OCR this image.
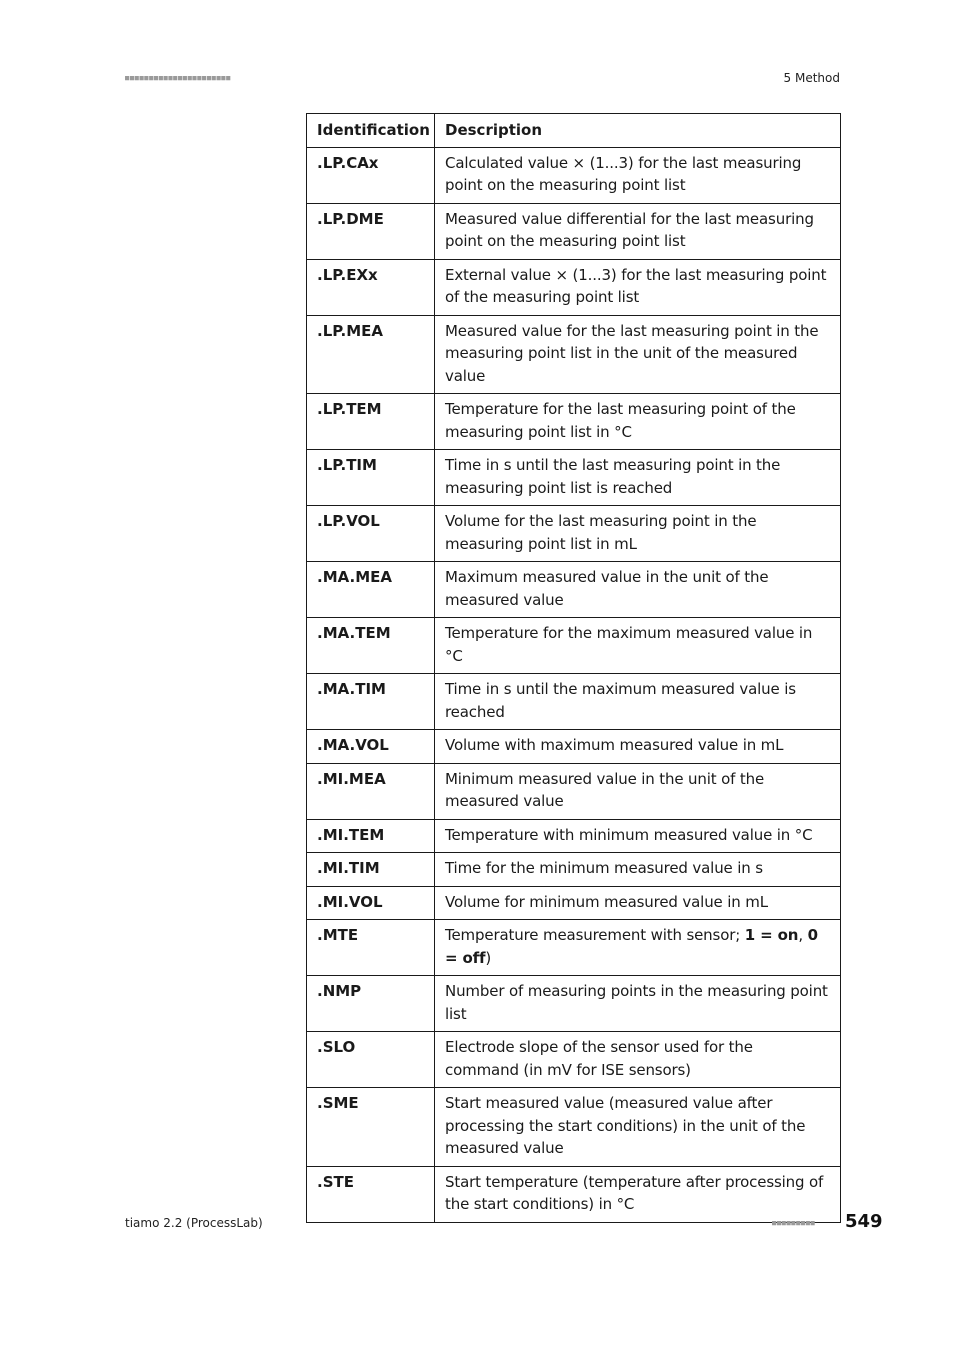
■■■■■■■■■■■■■■■■■■■■■■	5 Method
Identification	Description
.LP.CAx	Calculated value × (1...3) for the last measuring point on the measuring point list
.LP.DME	Measured value differential for the last measuring point on the measuring point list
.LP.EXx	External value × (1...3) for the last measuring point of the measuring point list
.LP.MEA	Measured value for the last measuring point in the measuring point list in the unit of the measured value
.LP.TEM	Temperature for the last measuring point of the measuring point list in °C
.LP.TIM	Time in s until the last measuring point in the measuring point list is reached
.LP.VOL	Volume for the last measuring point in the measuring point list in mL
.MA.MEA	Maximum measured value in the unit of the measured value
.MA.TEM	Temperature for the maximum measured value in °C
.MA.TIM	Time in s until the maximum measured value is reached
.MA.VOL	Volume with maximum measured value in mL
.MI.MEA	Minimum measured value in the unit of the measured value
.MI.TEM	Temperature with minimum measured value in °C
.MI.TIM	Time for the minimum measured value in s
.MI.VOL	Volume for minimum measured value in mL
.MTE	Temperature measurement with sensor; 1 = on, 0 = off)
.NMP	Number of measuring points in the measuring point list
.SLO	Electrode slope of the sensor used for the command (in mV for ISE sensors)
.SME	Start measured value (measured value after processing the start conditions) in the unit of the measured value
.STE	Start temperature (temperature after processing of the start conditions) in °C
tiamo 2.2 (ProcessLab)	■■■■■■■■■	549
